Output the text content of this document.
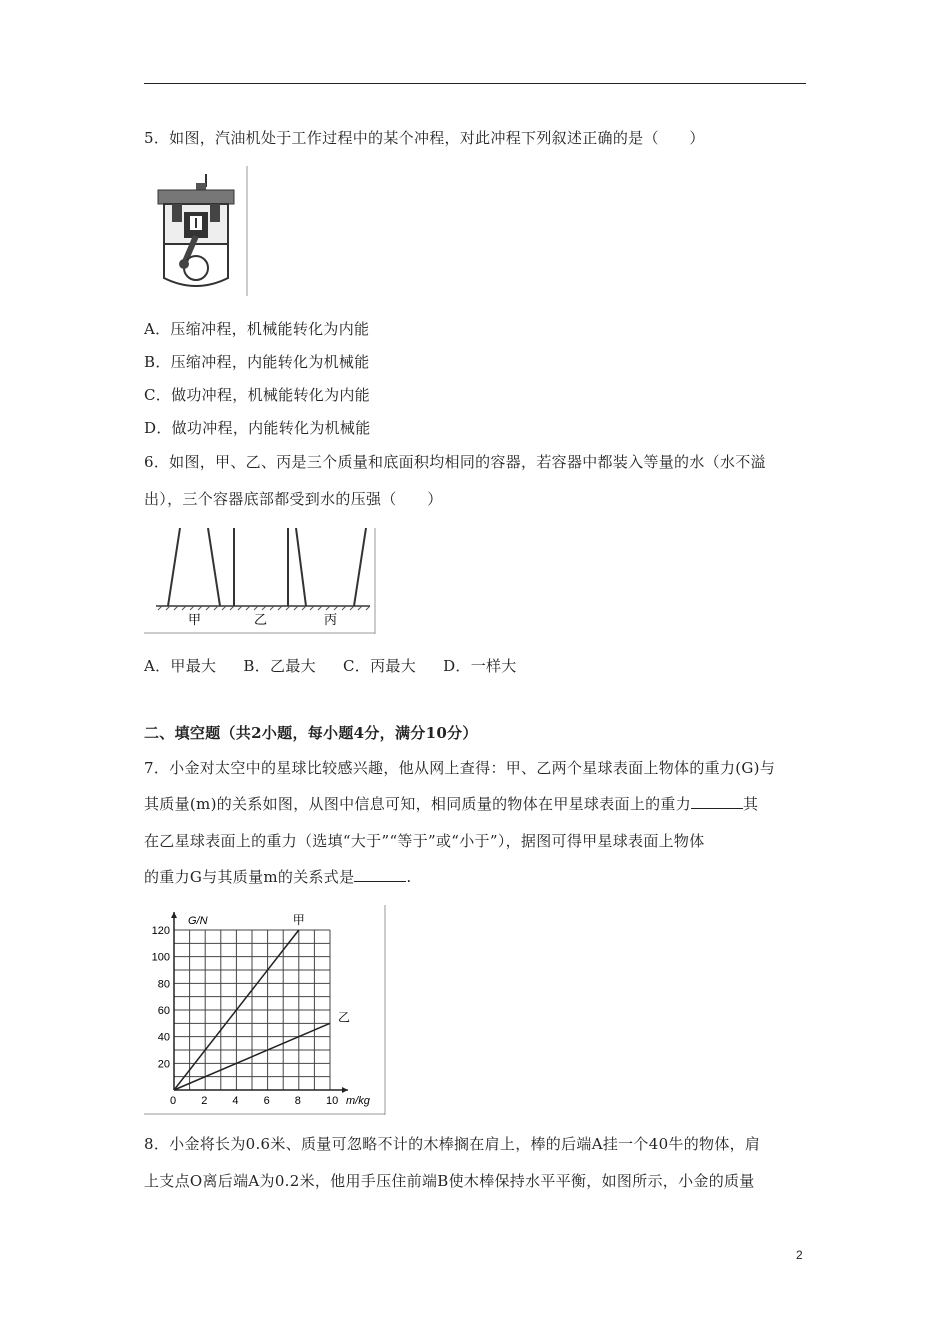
5．如图，汽油机处于工作过程中的某个冲程，对此冲程下列叙述正确的是（　　）
A．压缩冲程，机械能转化为内能
B．压缩冲程，内能转化为机械能
C．做功冲程，机械能转化为内能
D．做功冲程，内能转化为机械能
6．如图，甲、乙、丙是三个质量和底面积均相同的容器，若容器中都装入等量的水（水不溢
出），三个容器底部都受到水的压强（　　）
甲	乙	丙
A．甲最大 B．乙最大 C．丙最大 D．一样大
二、填空题（共2小题，每小题4分，满分10分）
7．小金对太空中的星球比较感兴趣，他从网上查得：甲、乙两个星球表面上物体的重力(G)与
其质量(m)的关系如图，从图中信息可知，相同质量的物体在甲星球表面上的重力	其
在乙星球表面上的重力（选填“大于”“等于”或“小于”），据图可得甲星球表面上物体
的重力G与其质量m的关系式是	.
甲
乙
0 2 4 6 8 10
20
40
60
80
100
120
G/N
m/kg
8．小金将长为0.6米、质量可忽略不计的木棒搁在肩上，棒的后端A挂一个40牛的物体，肩
上支点O离后端A为0.2米，他用手压住前端B使木棒保持水平平衡，如图所示，小金的质量
2
